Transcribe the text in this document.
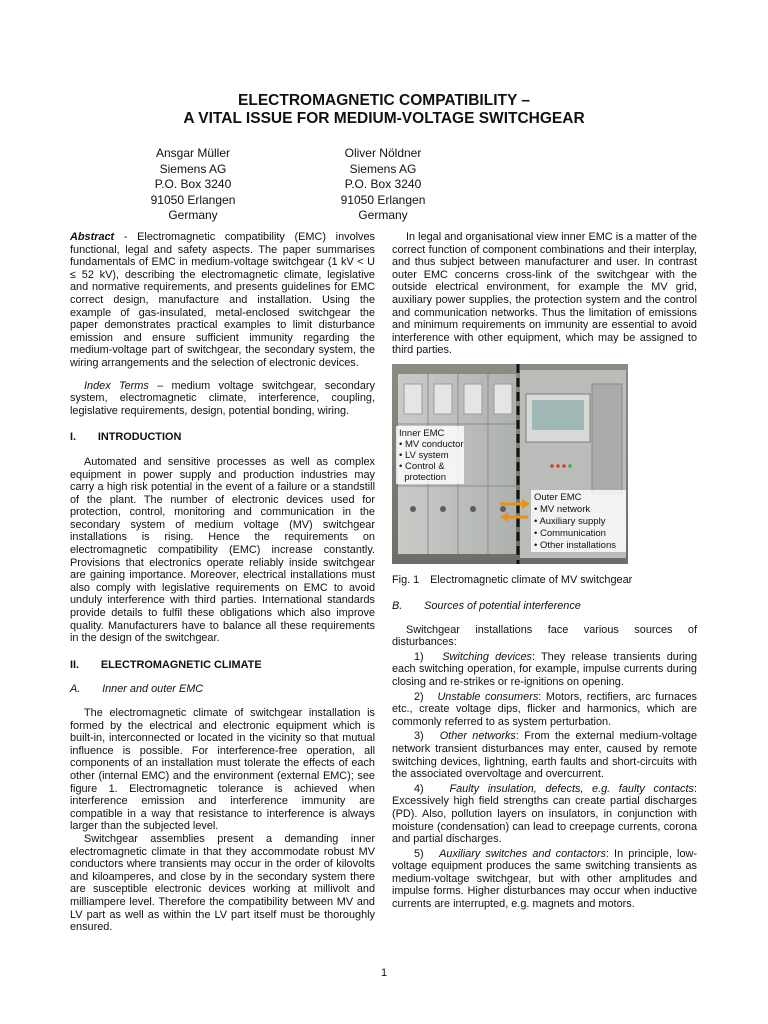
ELECTROMAGNETIC COMPATIBILITY –
A VITAL ISSUE FOR MEDIUM-VOLTAGE SWITCHGEAR
Ansgar Müller
Siemens AG
P.O. Box 3240
91050 Erlangen
Germany
Oliver Nöldner
Siemens AG
P.O. Box 3240
91050 Erlangen
Germany

Abstract - Electromagnetic compatibility (EMC) involves functional, legal and safety aspects. The paper summarises fundamentals of EMC in medium-voltage switchgear (1 kV < U ≤ 52 kV), describing the electromagnetic climate, legislative and normative requirements, and presents guidelines for EMC correct design, manufacture and installation. Using the example of gas-insulated, metal-enclosed switchgear the paper demonstrates practical examples to limit disturbance emission and ensure sufficient immunity regarding the medium-voltage part of switchgear, the secondary system, the wiring arrangements and the selection of electronic devices.

Index Terms – medium voltage switchgear, secondary system, electromagnetic climate, interference, coupling, legislative requirements, design, potential bonding, wiring.

I.  INTRODUCTION

Automated and sensitive processes as well as complex equipment in power supply and production industries may carry a high risk potential in the event of a failure or a standstill of the plant. The number of electronic devices used for protection, control, monitoring and communication in the secondary system of medium voltage (MV) switchgear installations is rising. Hence the requirements on electromagnetic compatibility (EMC) increase constantly. Provisions that electronics operate reliably inside switchgear are gaining importance. Moreover, electrical installations must also comply with legislative requirements on EMC to avoid unduly interference with third parties. International standards provide details to fulfil these obligations which also improve quality. Manufacturers have to balance all these requirements in the design of the switchgear.

II.  ELECTROMAGNETIC CLIMATE

A.  Inner and outer EMC

The electromagnetic climate of switchgear installation is formed by the electrical and electronic equipment which is built-in, interconnected or located in the vicinity so that mutual influence is possible. For interference-free operation, all components of an installation must tolerate the effects of each other (internal EMC) and the environment (external EMC); see figure 1. Electromagnetic tolerance is achieved when interference emission and interference immunity are compatible in a way that resistance to interference is always larger than the subjected level.

Switchgear assemblies present a demanding inner electromagnetic climate in that they accommodate robust MV conductors where transients may occur in the order of kilovolts and kiloamperes, and close by in the secondary system there are susceptible electronic devices working at millivolt and milliampere level. Therefore the compatibility between MV and LV part as well as within the LV part itself must be thoroughly ensured.

In legal and organisational view inner EMC is a matter of the correct function of component combinations and their interplay, and thus subject between manufacturer and user. In contrast outer EMC concerns cross-link of the switchgear with the outside electrical environment, for example the MV grid, auxiliary power supplies, the protection system and the control and communication networks. Thus the limitation of emissions and minimum requirements on immunity are essential to avoid interference with other equipment, which may be assigned to third parties.

Inner EMC
• MV conductor
• LV system
• Control &
protection
Outer EMC
• MV network
• Auxiliary supply
• Communication
• Other installations
Fig. 1 Electromagnetic climate of MV switchgear

B.  Sources of potential interference

Switchgear installations face various sources of disturbances:

1) Switching devices: They release transients during each switching operation, for example, impulse currents during closing and re-strikes or re-ignitions on opening.

2) Unstable consumers: Motors, rectifiers, arc furnaces etc., create voltage dips, flicker and harmonics, which are commonly referred to as system perturbation.

3) Other networks: From the external medium-voltage network transient disturbances may enter, caused by remote switching devices, lightning, earth faults and short-circuits with the associated overvoltage and overcurrent.

4) Faulty insulation, defects, e.g. faulty contacts: Excessively high field strengths can create partial discharges (PD). Also, pollution layers on insulators, in conjunction with moisture (condensation) can lead to creepage currents, corona and partial discharges.

5) Auxiliary switches and contactors: In principle, low-voltage equipment produces the same switching transients as medium-voltage switchgear, but with other amplitudes and impulse forms. Higher disturbances may occur when inductive currents are interrupted, e.g. magnets and motors.

1
